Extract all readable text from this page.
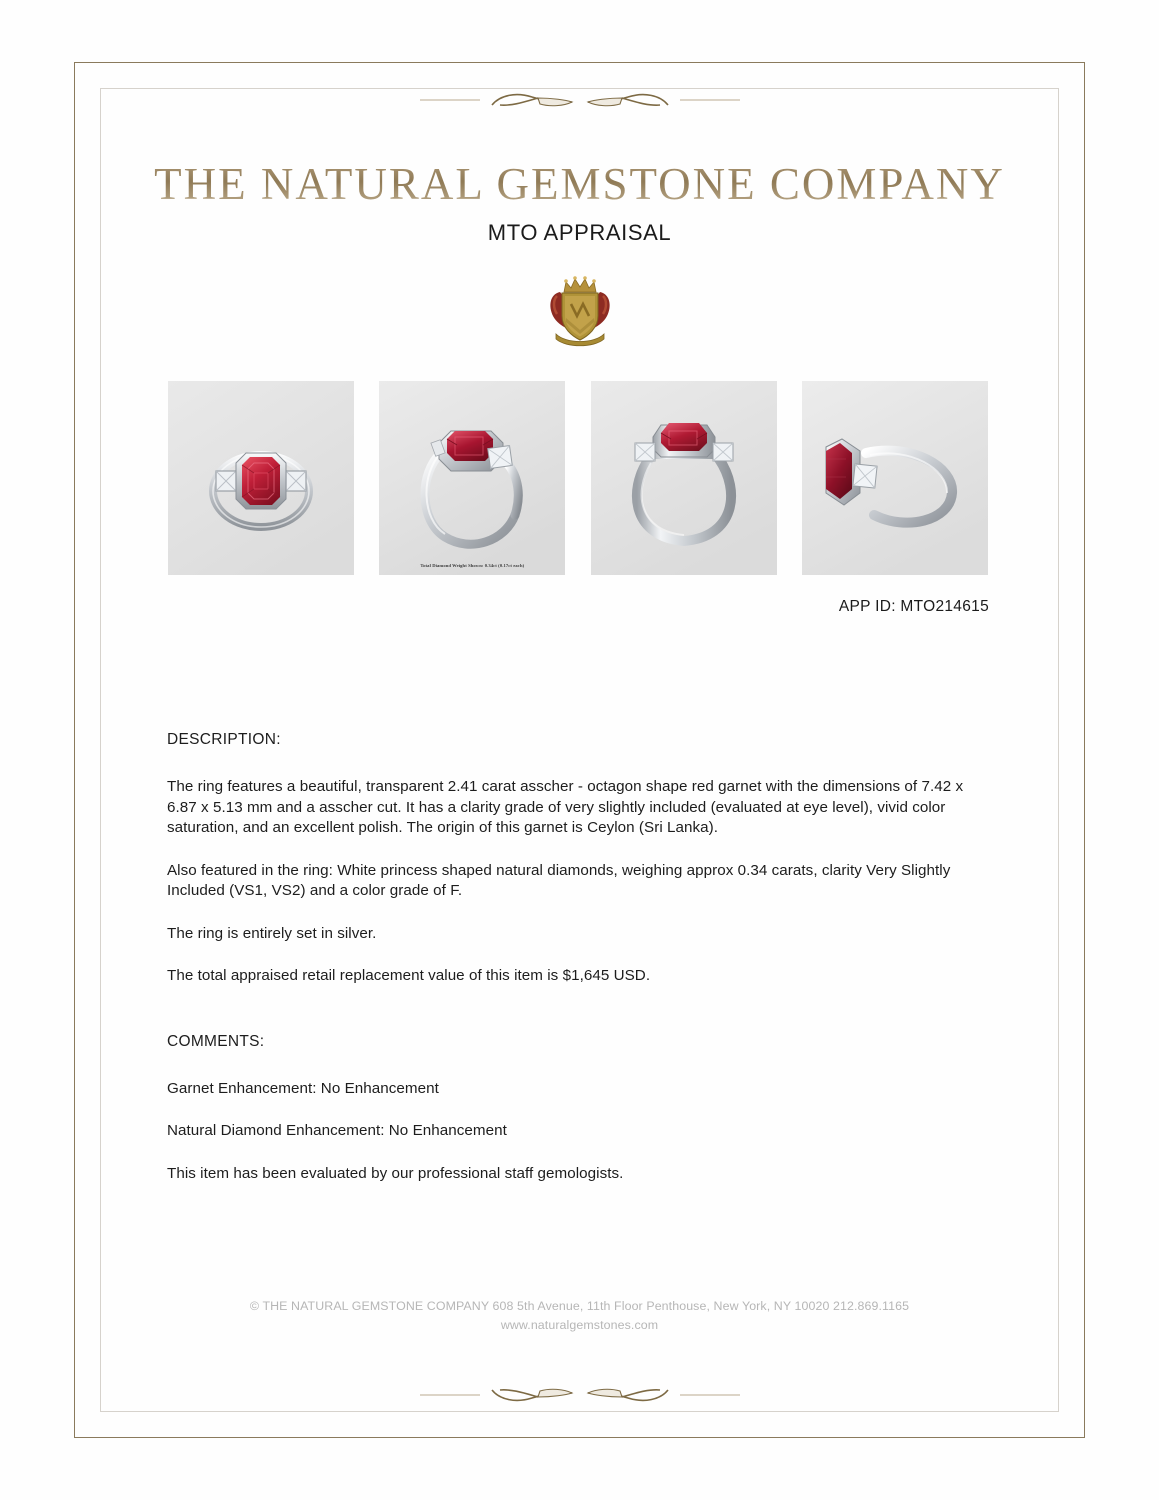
THE NATURAL GEMSTONE COMPANY
MTO APPRAISAL
Total Diamond Weight Shown: 0.34ct (0.17ct each)
APP ID: MTO214615
DESCRIPTION:

The ring features a beautiful, transparent 2.41 carat asscher - octagon shape red garnet with the dimensions of 7.42 x 6.87 x 5.13 mm and a asscher cut. It has a clarity grade of very slightly included (evaluated at eye level), vivid color saturation, and an excellent polish. The origin of this garnet is Ceylon (Sri Lanka).

Also featured in the ring: White princess shaped natural diamonds, weighing approx 0.34 carats, clarity Very Slightly Included (VS1, VS2) and a color grade of F.

The ring is entirely set in silver.

The total appraised retail replacement value of this item is $1,645 USD.

COMMENTS:

Garnet Enhancement: No Enhancement

Natural Diamond Enhancement: No Enhancement

This item has been evaluated by our professional staff gemologists.

© THE NATURAL GEMSTONE COMPANY 608 5th Avenue, 11th Floor Penthouse, New York, NY 10020 212.869.1165
www.naturalgemstones.com
